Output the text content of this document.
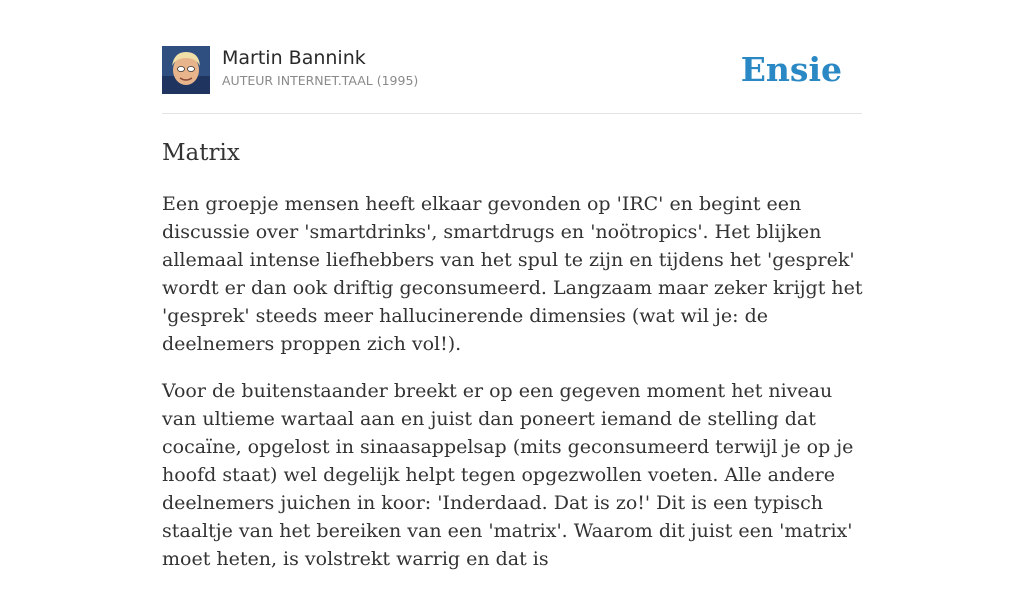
Martin Bannink
AUTEUR INTERNET.TAAL (1995)	Ensie
Matrix

Een groepje mensen heeft elkaar gevonden op 'IRC' en begint een discussie over 'smartdrinks', smartdrugs en 'noötropics'. Het blijken allemaal intense liefhebbers van het spul te zijn en tijdens het 'gesprek' wordt er dan ook driftig geconsumeerd. Langzaam maar zeker krijgt het 'gesprek' steeds meer hallucinerende dimensies (wat wil je: de deelnemers proppen zich vol!).

Voor de buitenstaander breekt er op een gegeven moment het niveau van ultieme wartaal aan en juist dan poneert iemand de stelling dat cocaïne, opgelost in sinaasappelsap (mits geconsumeerd terwijl je op je hoofd staat) wel degelijk helpt tegen opgezwollen voeten. Alle andere deelnemers juichen in koor: 'Inderdaad. Dat is zo!' Dit is een typisch staaltje van het bereiken van een 'matrix'. Waarom dit juist een 'matrix' moet heten, is volstrekt warrig en dat is
